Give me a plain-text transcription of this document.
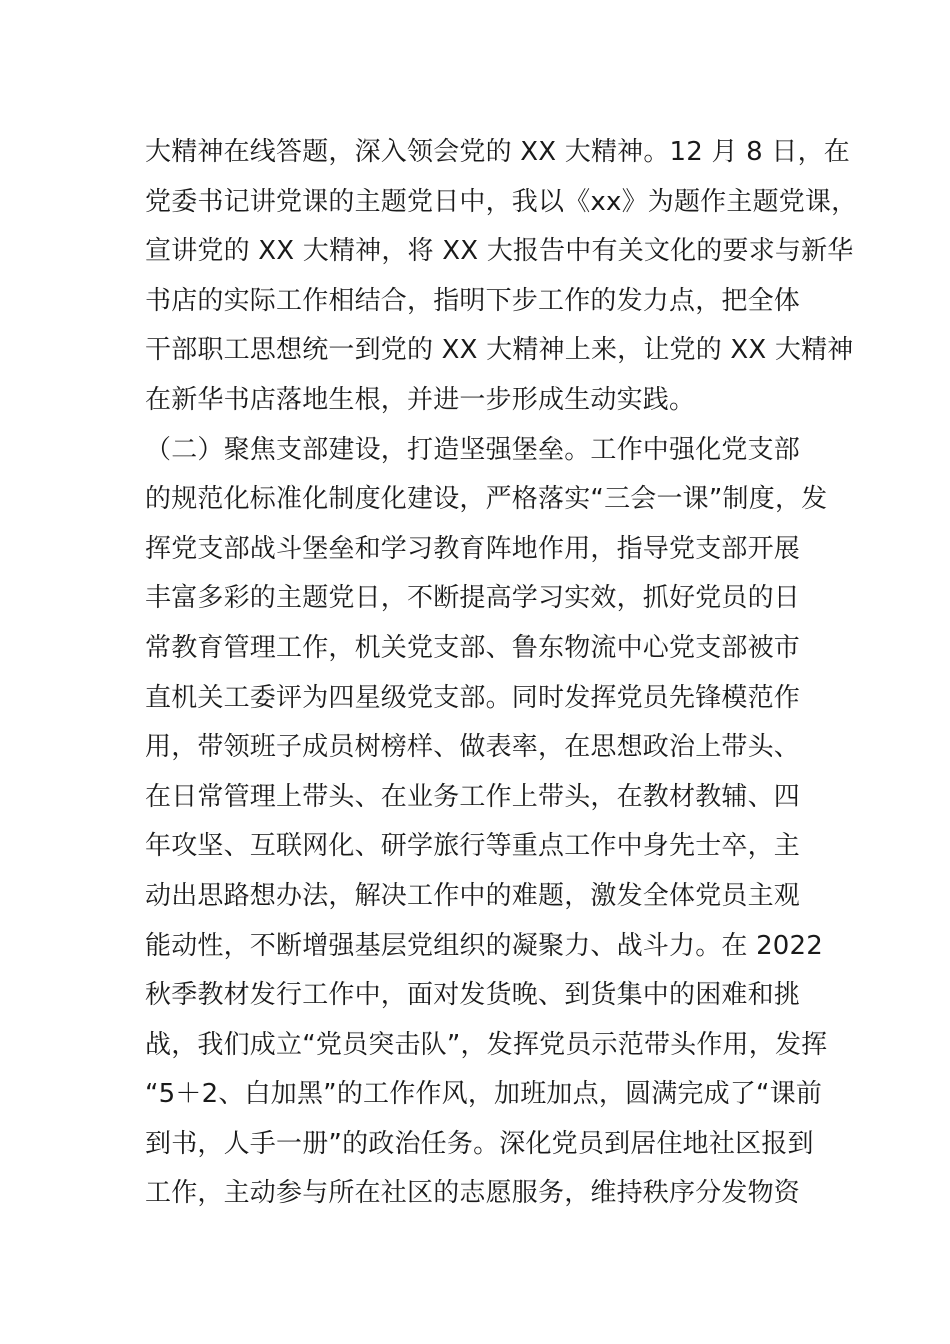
大精神在线答题，深入领会党的 XX 大精神。12 月 8 日，在
党委书记讲党课的主题党日中，我以《xx》为题作主题党课，
宣讲党的 XX 大精神，将 XX 大报告中有关文化的要求与新华
书店的实际工作相结合，指明下步工作的发力点，把全体
干部职工思想统一到党的 XX 大精神上来，让党的 XX 大精神
在新华书店落地生根，并进一步形成生动实践。
（二）聚焦支部建设，打造坚强堡垒。工作中强化党支部
的规范化标准化制度化建设，严格落实“三会一课”制度，发
挥党支部战斗堡垒和学习教育阵地作用，指导党支部开展
丰富多彩的主题党日，不断提高学习实效，抓好党员的日
常教育管理工作，机关党支部、鲁东物流中心党支部被市
直机关工委评为四星级党支部。同时发挥党员先锋模范作
用，带领班子成员树榜样、做表率，在思想政治上带头、
在日常管理上带头、在业务工作上带头，在教材教辅、四
年攻坚、互联网化、研学旅行等重点工作中身先士卒，主
动出思路想办法，解决工作中的难题，激发全体党员主观
能动性，不断增强基层党组织的凝聚力、战斗力。在 2022
秋季教材发行工作中，面对发货晚、到货集中的困难和挑
战，我们成立“党员突击队”，发挥党员示范带头作用，发挥
“5＋2、白加黑”的工作作风，加班加点，圆满完成了“课前
到书，人手一册”的政治任务。深化党员到居住地社区报到
工作，主动参与所在社区的志愿服务，维持秩序分发物资
